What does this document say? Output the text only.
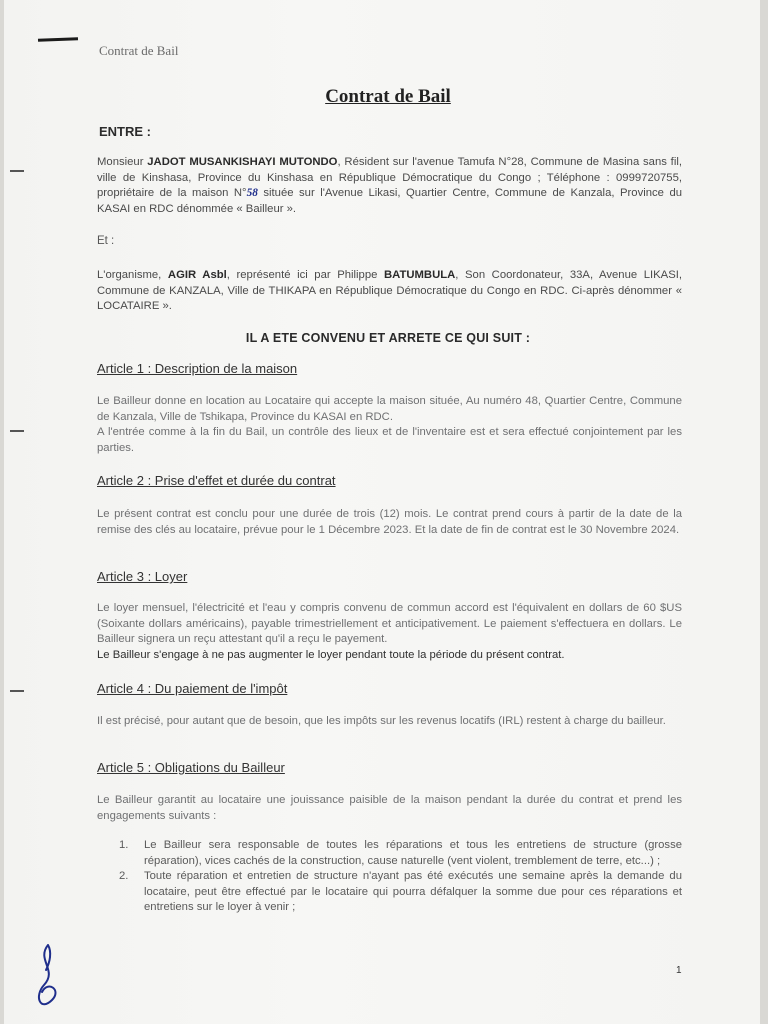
Contrat de Bail
Contrat de Bail
ENTRE :
Monsieur JADOT MUSANKISHAYI MUTONDO, Résident sur l'avenue Tamufa N°28, Commune de Masina sans fil, ville de Kinshasa, Province du Kinshasa en République Démocratique du Congo ; Téléphone : 0999720755, propriétaire de la maison N°58 située sur l'Avenue Likasi, Quartier Centre, Commune de Kanzala, Province du KASAI en RDC dénommée « Bailleur ».
Et :
L'organisme, AGIR Asbl, représenté ici par Philippe BATUMBULA, Son Coordonateur, 33A, Avenue LIKASI, Commune de KANZALA, Ville de THIKAPA en République Démocratique du Congo en RDC. Ci-après dénommer « LOCATAIRE ».
IL A ETE CONVENU ET ARRETE CE QUI SUIT :
Article 1 : Description de la maison
Le Bailleur donne en location au Locataire qui accepte la maison située, Au numéro 48, Quartier Centre, Commune de Kanzala, Ville de Tshikapa, Province du KASAI en RDC.
A l'entrée comme à la fin du Bail, un contrôle des lieux et de l'inventaire est et sera effectué conjointement par les parties.
Article 2 : Prise d'effet et durée du contrat
Le présent contrat est conclu pour une durée de trois (12) mois. Le contrat prend cours à partir de la date de la remise des clés au locataire, prévue pour le 1 Décembre 2023. Et la date de fin de contrat est le 30 Novembre 2024.
Article 3 : Loyer
Le loyer mensuel, l'électricité et l'eau y compris convenu de commun accord est l'équivalent en dollars de 60 $US (Soixante dollars américains), payable trimestriellement et anticipativement. Le paiement s'effectuera en dollars. Le Bailleur signera un reçu attestant qu'il a reçu le payement.
Le Bailleur s'engage à ne pas augmenter le loyer pendant toute la période du présent contrat.
Article 4 : Du paiement de l'impôt
Il est précisé, pour autant que de besoin, que les impôts sur les revenus locatifs (IRL) restent à charge du bailleur.
Article 5 : Obligations du Bailleur
Le Bailleur garantit au locataire une jouissance paisible de la maison pendant la durée du contrat et prend les engagements suivants :
1. Le Bailleur sera responsable de toutes les réparations et tous les entretiens de structure (grosse réparation), vices cachés de la construction, cause naturelle (vent violent, tremblement de terre, etc...) ;
2. Toute réparation et entretien de structure n'ayant pas été exécutés une semaine après la demande du locataire, peut être effectué par le locataire qui pourra défalquer la somme due pour ces réparations et entretiens sur le loyer à venir ;
1
